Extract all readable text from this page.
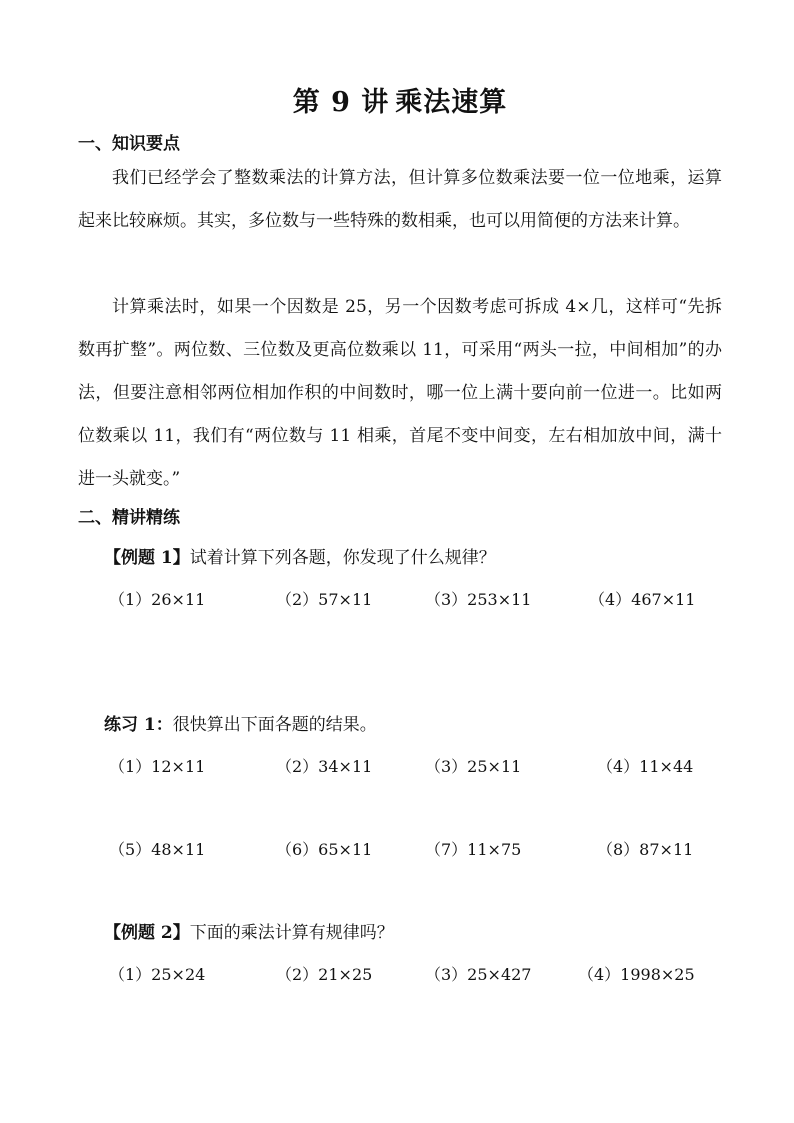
第 9 讲 乘法速算
一、知识要点
我们已经学会了整数乘法的计算方法，但计算多位数乘法要一位一位地乘，运算起来比较麻烦。其实，多位数与一些特殊的数相乘，也可以用简便的方法来计算。
计算乘法时，如果一个因数是 25，另一个因数考虑可拆成 4×几，这样可“先拆数再扩整”。两位数、三位数及更高位数乘以 11，可采用“两头一拉，中间相加”的办法，但要注意相邻两位相加作积的中间数时，哪一位上满十要向前一位进一。比如两位数乘以 11，我们有“两位数与 11 相乘，首尾不变中间变，左右相加放中间，满十进一头就变。”
二、精讲精练
【例题 1】试着计算下列各题，你发现了什么规律？
（1）26×11	（2）57×11	（3）253×11	（4）467×11
练习 1：很快算出下面各题的结果。
（1）12×11	（2）34×11	（3）25×11	（4）11×44
（5）48×11	（6）65×11	（7）11×75	（8）87×11
【例题 2】下面的乘法计算有规律吗？
（1）25×24	（2）21×25	（3）25×427	（4）1998×25
